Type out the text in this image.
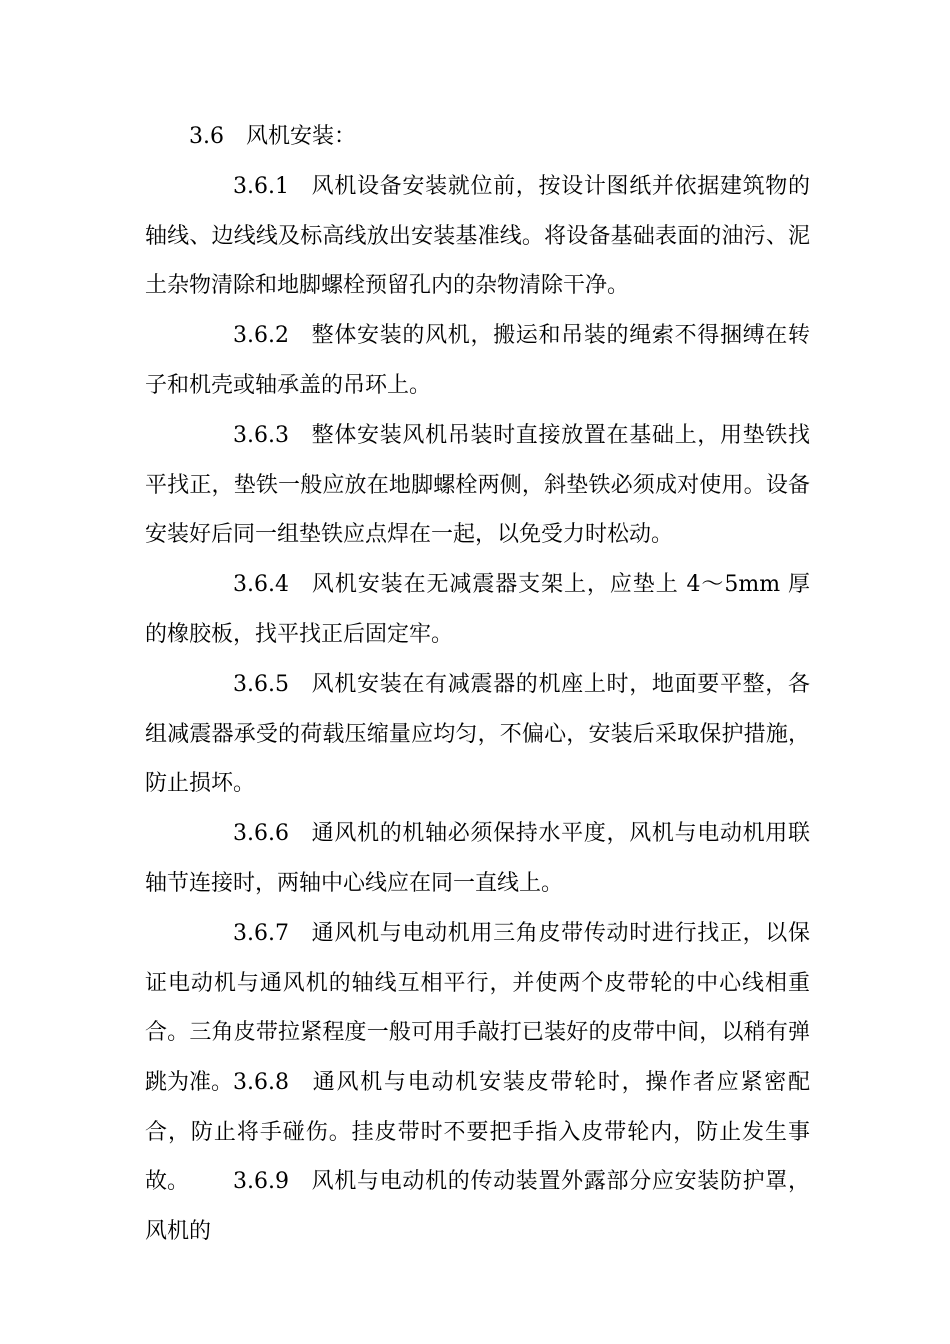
3.6 风机安装：

3.6.1 风机设备安装就位前，按设计图纸并依据建筑物的轴线、边线线及标高线放出安装基准线。将设备基础表面的油污、泥土杂物清除和地脚螺栓预留孔内的杂物清除干净。

3.6.2 整体安装的风机，搬运和吊装的绳索不得捆缚在转子和机壳或轴承盖的吊环上。

3.6.3 整体安装风机吊装时直接放置在基础上，用垫铁找平找正，垫铁一般应放在地脚螺栓两侧，斜垫铁必须成对使用。设备安装好后同一组垫铁应点焊在一起，以免受力时松动。

3.6.4 风机安装在无减震器支架上，应垫上 4～5mm 厚的橡胶板，找平找正后固定牢。

3.6.5 风机安装在有减震器的机座上时，地面要平整，各组减震器承受的荷载压缩量应均匀，不偏心，安装后采取保护措施，防止损坏。

3.6.6 通风机的机轴必须保持水平度，风机与电动机用联轴节连接时，两轴中心线应在同一直线上。

3.6.7 通风机与电动机用三角皮带传动时进行找正，以保证电动机与通风机的轴线互相平行，并使两个皮带轮的中心线相重合。三角皮带拉紧程度一般可用手敲打已装好的皮带中间，以稍有弹跳为准。 3.6.8 通风机与电动机安装皮带轮时，操作者应紧密配合，防止将手碰伤。挂皮带时不要把手指入皮带轮内，防止发生事故。	3.6.9 风机与电动机的传动装置外露部分应安装防护罩，风机的
